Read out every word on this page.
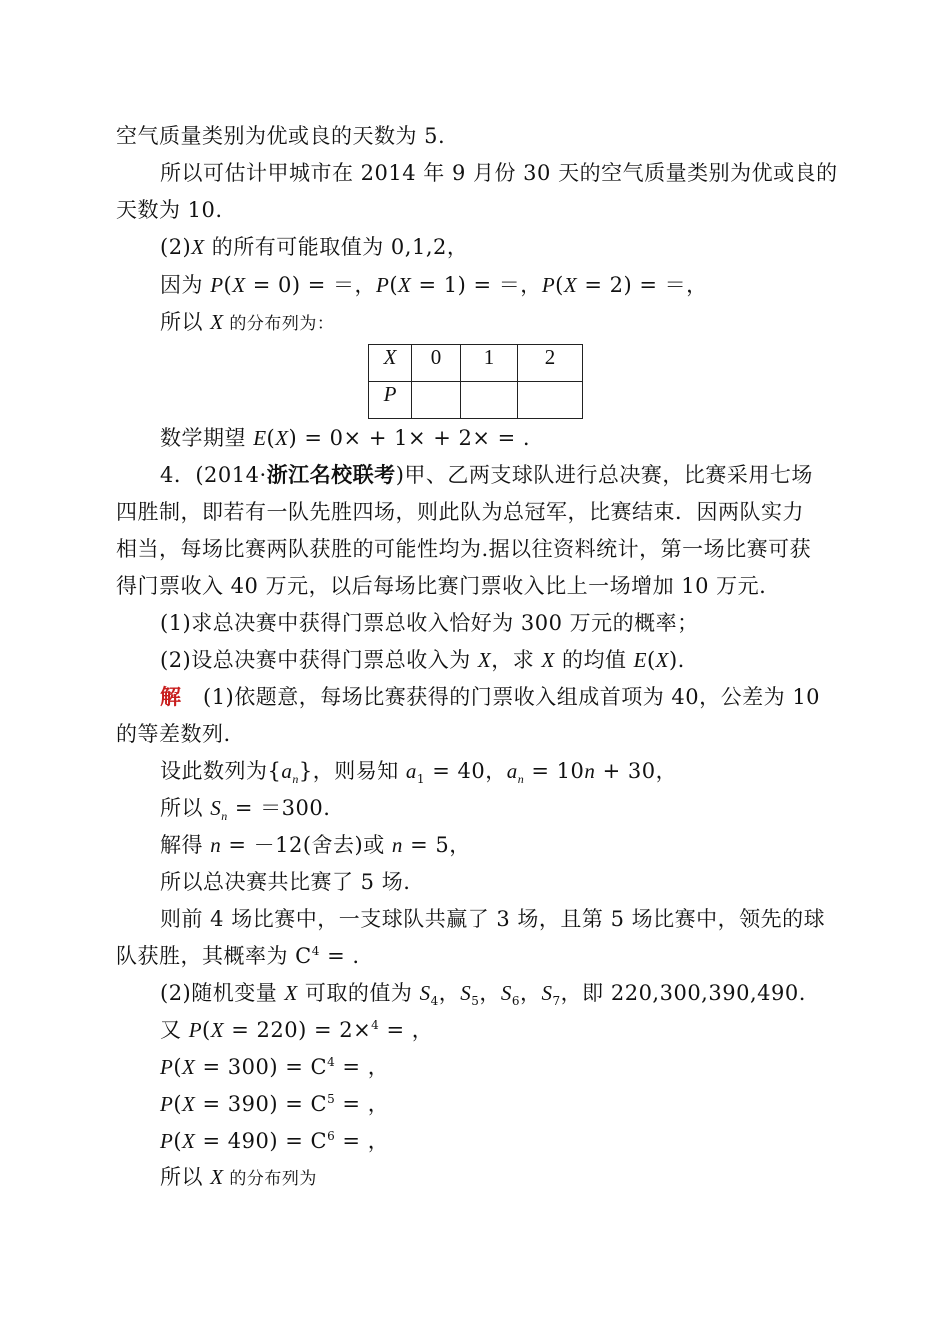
空气质量类别为优或良的天数为 5.
所以可估计甲城市在 2014 年 9 月份 30 天的空气质量类别为优或良的
天数为 10.
(2)X 的所有可能取值为 0,1,2，
因为 P(X = 0) = ＝，P(X = 1) = ＝，P(X = 2) = ＝，
所以 X 的分布列为：
X	0	1	2
P			
数学期望 E(X) = 0× + 1× + 2× = .
4．(2014·浙江名校联考)甲、乙两支球队进行总决赛，比赛采用七场
四胜制，即若有一队先胜四场，则此队为总冠军，比赛结束．因两队实力
相当，每场比赛两队获胜的可能性均为.据以往资料统计，第一场比赛可获
得门票收入 40 万元，以后每场比赛门票收入比上一场增加 10 万元.
(1)求总决赛中获得门票总收入恰好为 300 万元的概率；
(2)设总决赛中获得门票总收入为 X，求 X 的均值 E(X).
解　(1)依题意，每场比赛获得的门票收入组成首项为 40，公差为 10
的等差数列.
设此数列为$\{a_n\}$，则易知 $a_1 = 40$，$a_n = 10n + 30$，
所以 $S_n = =300$.
解得 n = －12(舍去)或 n = 5，
所以总决赛共比赛了 5 场.
则前 4 场比赛中，一支球队共赢了 3 场，且第 5 场比赛中，领先的球
队获胜，其概率为 $C^4$ = .
(2)随机变量 X 可取的值为 $S_4$，$S_5$，$S_6$，$S_7$，即 220,300,390,490.
又 P(X = 220) = 2×$^4$ = ，
$P(X = 300) = C^4$ = ，
$P(X = 390) = C^5$ = ，
$P(X = 490) = C^6$ = ，
所以 X 的分布列为
